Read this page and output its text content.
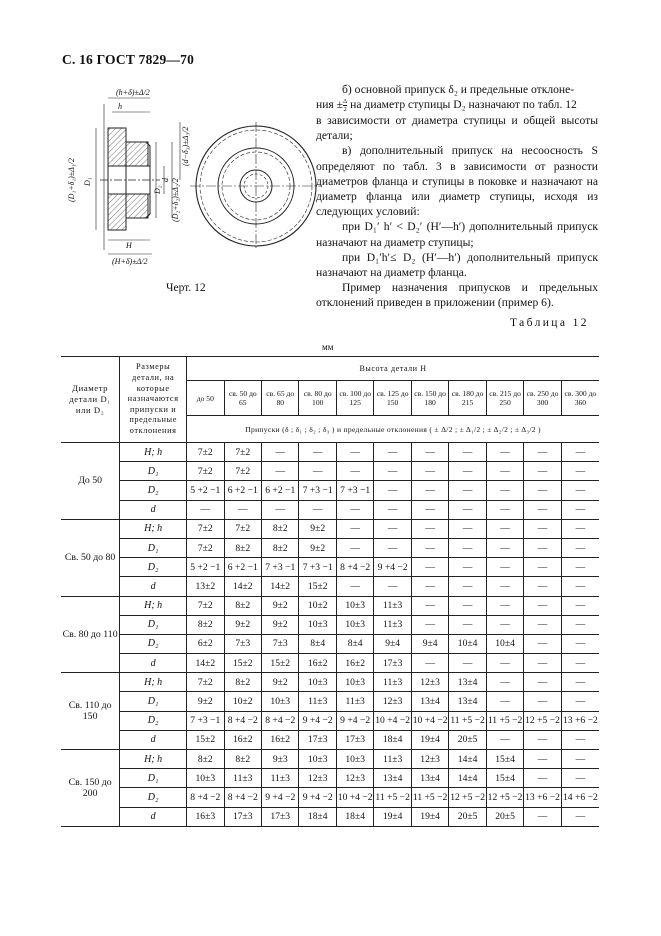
С. 16 ГОСТ 7829—70
(h+δ)±Δ/2
h
(D₁+δ₁)±Δ₁/2 D₁
D₂ (D₂+δ₂)±Δ₂/2
d
(d−δ₃)±Δ₃/2
H
(H+δ)±Δ/2
Черт. 12

б) основной припуск δ₂ и предельные отклоне-
ния ± $\frac{\Delta}{2}$ на диаметр ступицы D₂ назначают по табл. 12
в зависимости от диаметра ступицы и общей высоты детали;

в) дополнительный припуск на несоосность S определяют по табл. 3 в зависимости от разности диаметров фланца и ступицы в поковке и назначают на диаметр фланца или диаметр ступицы, исходя из следующих условий:

при D₁′ h′ < D₂′ (H′—h′) дополнительный припуск назначают на диаметр ступицы;

при D₁′h′≤ D₂ (H′—h′) дополнительный припуск назначают на диаметр фланца.

Пример назначения припусков и предельных отклонений приведен в приложении (пример 6).

Таблица 12
мм
Диаметр детали D₁ или D₂	Размеры детали, на которые назначаются припуски и предельные отклонения	Высота детали H										
		до 50	св. 50 до 65	св. 65 до 80	св. 80 до 100	св. 100 до 125	св. 125 до 150	св. 150 до 180	св. 180 до 215	св. 215 до 250	св. 250 до 300	св. 300 до 360
		Припуски (δ ; δ₁ ; δ₂ ; δ₃ ) и предельные отклонения ( ± Δ/2 ; ± Δ₁/2 ; ± Δ₂/2 ; ± Δ₃/2 )										
До 50	H; h	7±2	7±2	—	—	—	—	—	—	—	—	—
	D₁	7±2	7±2	—	—	—	—	—	—	—	—	—
	D₂	5 +2 −1	6 +2 −1	6 +2 −1	7 +3 −1	7 +3 −1	—	—	—	—	—	—
	d	—	—	—	—	—	—	—	—	—	—	—
Св. 50 до 80	H; h	7±2	7±2	8±2	9±2	—	—	—	—	—	—	—
	D₁	7±2	8±2	8±2	9±2	—	—	—	—	—	—	—
	D₂	5 +2 −1	6 +2 −1	7 +3 −1	7 +3 −1	8 +4 −2	9 +4 −2	—	—	—	—	—
	d	13±2	14±2	14±2	15±2	—	—	—	—	—	—	—
Св. 80 до 110	H; h	7±2	8±2	9±2	10±2	10±3	11±3	—	—	—	—	—
	D₁	8±2	9±2	9±2	10±3	10±3	11±3	—	—	—	—	—
	D₂	6±2	7±3	7±3	8±4	8±4	9±4	9±4	10±4	10±4	—	—
	d	14±2	15±2	15±2	16±2	16±2	17±3	—	—	—	—	—
Св. 110 до 150	H; h	7±2	8±2	9±2	10±3	10±3	11±3	12±3	13±4	—	—	—
	D₁	9±2	10±2	10±3	11±3	11±3	12±3	13±4	13±4	—	—	—
	D₂	7 +3 −1	8 +4 −2	8 +4 −2	9 +4 −2	9 +4 −2	10 +4 −2	10 +4 −2	11 +5 −2	11 +5 −2	12 +5 −2	13 +6 −2
	d	15±2	16±2	16±2	17±3	17±3	18±4	19±4	20±5	—	—	—
Св. 150 до 200	H; h	8±2	8±2	9±3	10±3	10±3	11±3	12±3	14±4	15±4	—	—
	D₁	10±3	11±3	11±3	12±3	12±3	13±4	13±4	14±4	15±4	—	—
	D₂	8 +4 −2	8 +4 −2	9 +4 −2	9 +4 −2	10 +4 −2	11 +5 −2	11 +5 −2	12 +5 −2	12 +5 −2	13 +6 −2	14 +6 −2
	d	16±3	17±3	17±3	18±4	18±4	19±4	19±4	20±5	20±5	—	—
